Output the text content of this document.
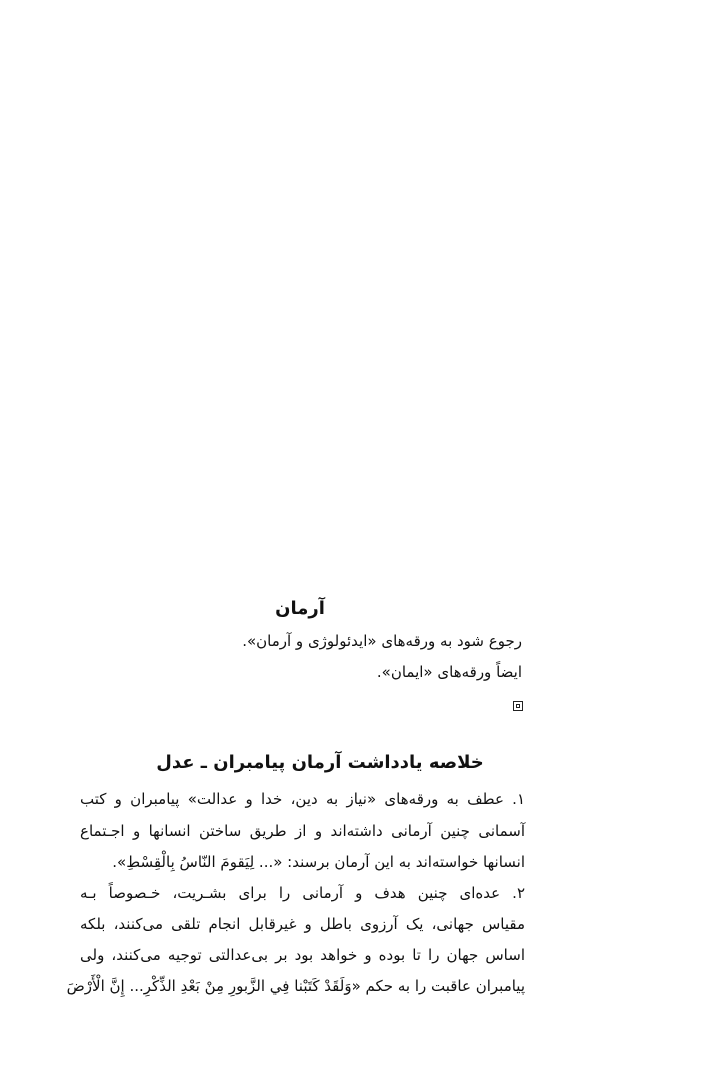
آرمان
رجوع شود به ورقه‌های «ایدئولوژی و آرمان».
ایضاً ورقه‌های «ایمان».
خلاصه یادداشت آرمان پیامبران ـ عدل
۱. عطف به ورقه‌های «نیاز به دین، خدا و عدالت» پیامبران و کتب
آسمانی چنین آرمانی داشته‌اند و از طریق ساختن انسانها و اجـتماع
انسانها خواسته‌اند به این آرمان برسند: «... لِيَقومَ النّاسُ بِالْقِسْطِ».
۲. عده‌ای چنین هدف و آرمانی را برای بشـریت، خـصوصاً بـه
مقیاس جهانی، یک آرزوی باطل و غیرقابل انجام تلقی می‌کنند، بلکه
اساس جهان را تا بوده و خواهد بود بر بی‌عدالتی توجیه می‌کنند، ولی
پیامبران عاقبت را به حکم «وَلَقَدْ كَتَبْنا فِي الزَّبورِ مِنْ بَعْدِ الذِّكْرِ... إِنَّ الْأَرْضَ
